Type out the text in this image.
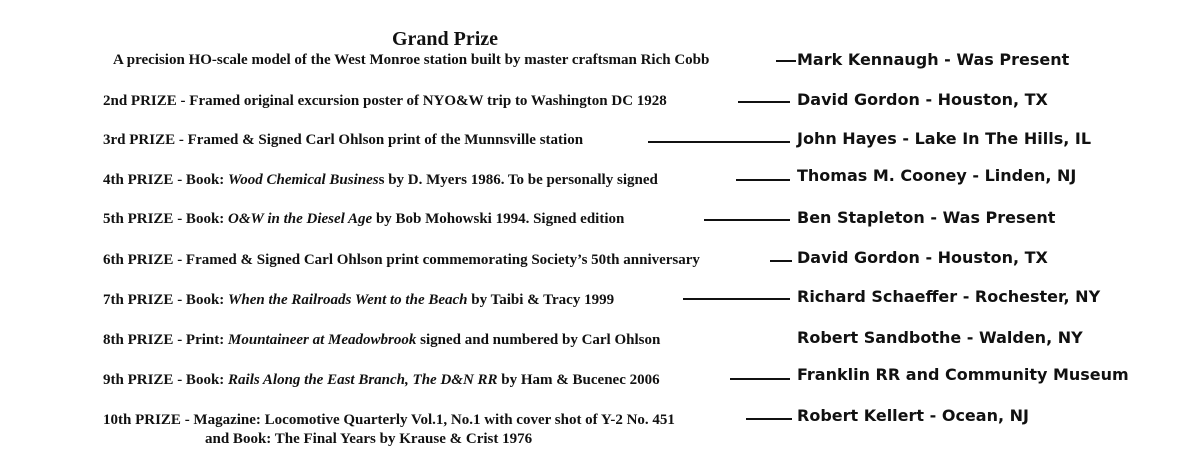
Grand Prize
A precision HO-scale model of the West Monroe station built by master craftsman Rich Cobb	Mark Kennaugh - Was Present
2nd PRIZE - Framed original excursion poster of NYO&W trip to Washington DC 1928	David Gordon - Houston, TX
3rd PRIZE - Framed & Signed Carl Ohlson print of the Munnsville station	John Hayes - Lake In The Hills, IL
4th PRIZE - Book: Wood Chemical Business by D. Myers 1986. To be personally signed	Thomas M. Cooney - Linden, NJ
5th PRIZE - Book: O&W in the Diesel Age by Bob Mohowski 1994. Signed edition	Ben Stapleton - Was Present
6th PRIZE - Framed & Signed Carl Ohlson print commemorating Society’s 50th anniversary	David Gordon - Houston, TX
7th PRIZE - Book: When the Railroads Went to the Beach by Taibi & Tracy 1999	Richard Schaeffer - Rochester, NY
8th PRIZE - Print: Mountaineer at Meadowbrook signed and numbered by Carl Ohlson	Robert Sandbothe - Walden, NY
9th PRIZE - Book: Rails Along the East Branch, The D&N RR by Ham & Bucenec 2006	Franklin RR and Community Museum
10th PRIZE - Magazine: Locomotive Quarterly Vol.1, No.1 with cover shot of Y-2 No. 451	Robert Kellert - Ocean, NJ
and Book: The Final Years by Krause & Crist 1976
